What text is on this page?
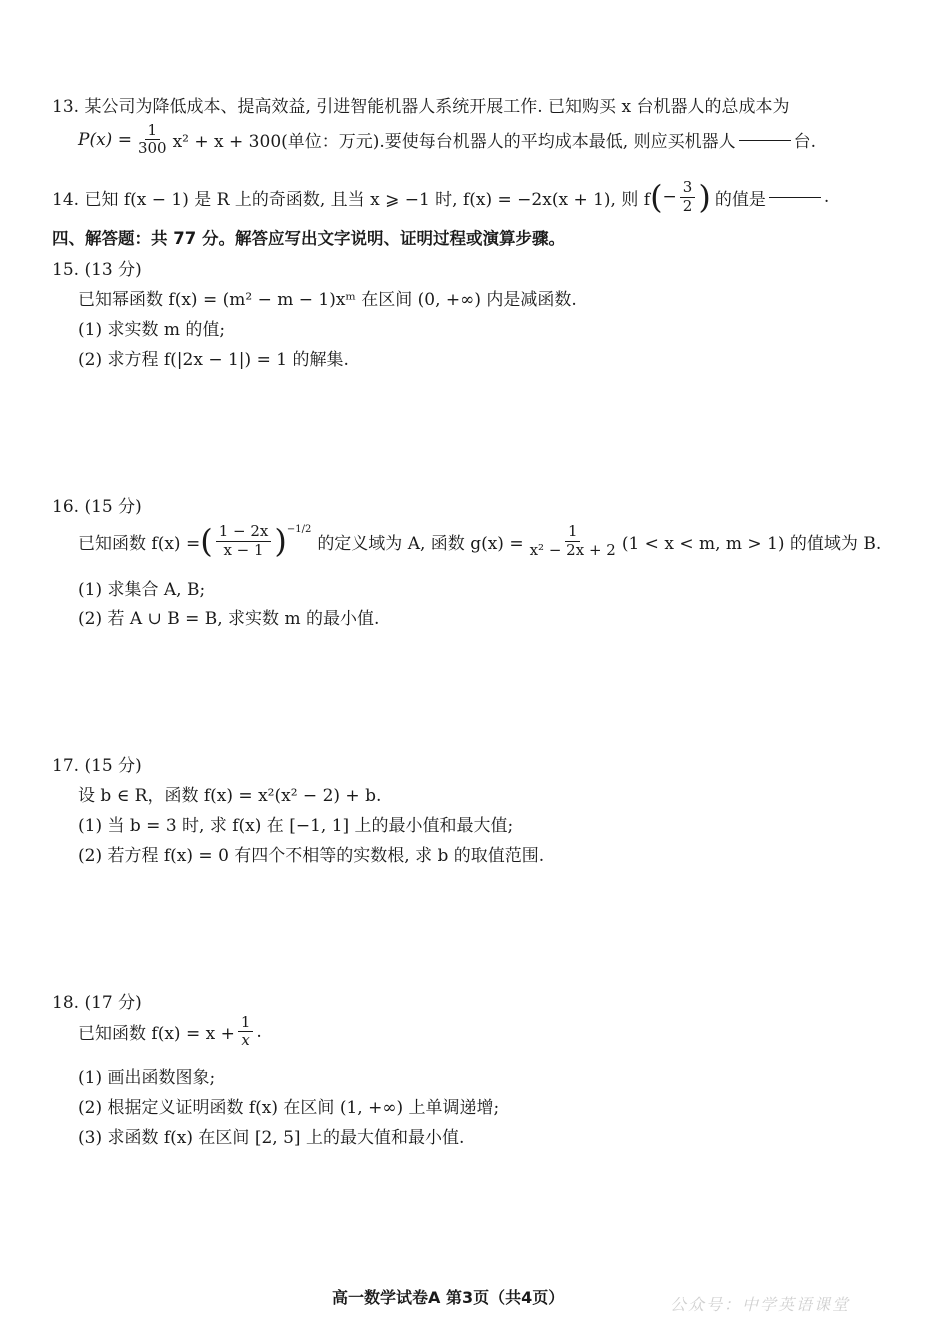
13. 某公司为降低成本、提高效益, 引进智能机器人系统开展工作. 已知购买 x 台机器人的总成本为
$P(x) = \frac{1}{300} x^2 + x + 300$(单位：万元).要使每台机器人的平均成本最低, 则应买机器人	台.
14. 已知 f(x − 1) 是 R 上的奇函数, 且当 x ⩾ −1 时, f(x) = −2x(x + 1), 则 f ( − $\frac{3}{2}$ ) 的值是	.
四、解答题：共 77 分。解答应写出文字说明、证明过程或演算步骤。
15. (13 分)
已知幂函数 f(x) = (m² − m − 1)xᵐ 在区间 (0, +∞) 内是减函数.
(1) 求实数 m 的值;
(2) 求方程 f(|2x − 1|) = 1 的解集.
16. (15 分)
已知函数 f(x) = ( $\frac{1 - 2x}{x - 1}$ ) −1/2
的定义域为 A, 函数 $g(x) = \frac{1}{\text{x² − 2x + 2}} (1 < x < m$, m > 1) 的值域为 B.
(1) 求集合 A, B;
(2) 若 A ∪ B = B, 求实数 m 的最小值.
17. (15 分)
设 b ∈ R，函数 f(x) = x²(x² − 2) + b.
(1) 当 b = 3 时, 求 f(x) 在 [−1, 1] 上的最小值和最大值;
(2) 若方程 f(x) = 0 有四个不相等的实数根, 求 b 的取值范围.
18. (17 分)
已知函数 $f(x) = x + \frac{1}{x}$ .
(1) 画出函数图象;
(2) 根据定义证明函数 f(x) 在区间 (1, +∞) 上单调递增;
(3) 求函数 f(x) 在区间 [2, 5] 上的最大值和最小值.
高一数学试卷A 第3页（共4页）	公众号：中学英语课堂
